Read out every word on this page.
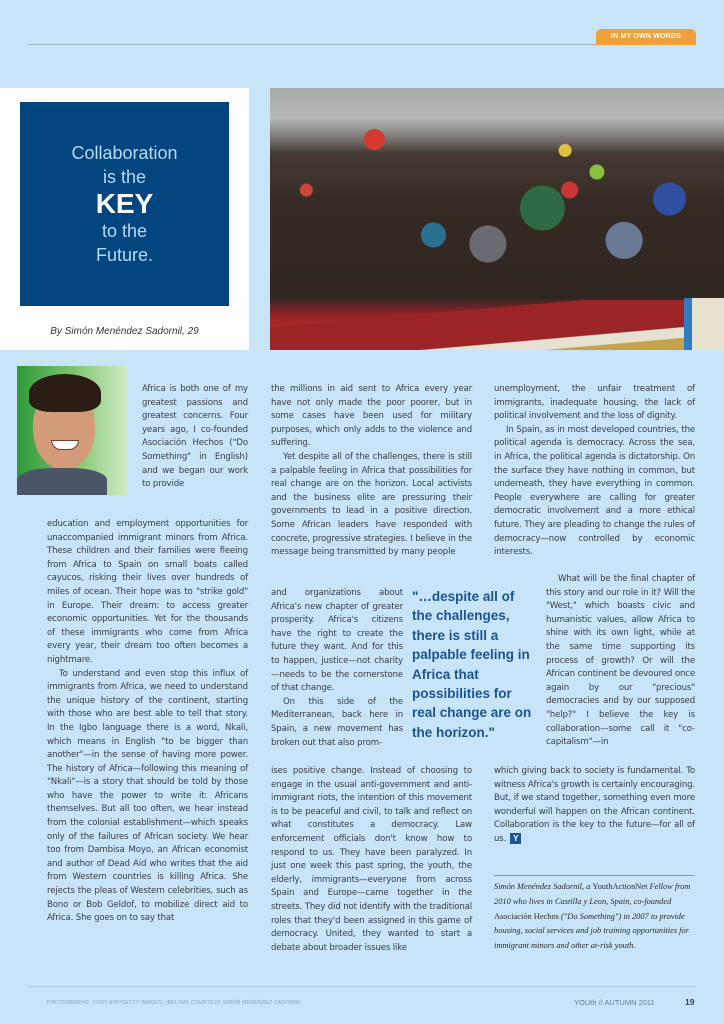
IN MY OWN WORDS
Collaboration
is the
KEY
to the
Future.
By Simón Menéndez Sadornil, 29

Africa is both one of my greatest passions and greatest concerns. Four years ago, I co-founded Asociación Hechos ("Do Something" in English) and we began our work to provide

education and employment opportunities for unaccompanied immigrant minors from Africa. These children and their families were fleeing from Africa to Spain on small boats called cayucos, risking their lives over hundreds of miles of ocean. Their hope was to "strike gold" in Europe. Their dream: to access greater economic opportunities. Yet for the thousands of these immigrants who come from Africa every year, their dream too often becomes a nightmare.

To understand and even stop this influx of immigrants from Africa, we need to understand the unique history of the continent, starting with those who are best able to tell that story. In the Igbo language there is a word, Nkali, which means in English "to be bigger than another"—in the sense of having more power. The history of Africa—following this meaning of "Nkali"—is a story that should be told by those who have the power to write it: Africans themselves. But all too often, we hear instead from the colonial establishment—which speaks only of the failures of African society. We hear too from Dambisa Moyo, an African economist and author of Dead Aid who writes that the aid from Western countries is killing Africa. She rejects the pleas of Western celebrities, such as Bono or Bob Geldof, to mobilize direct aid to Africa. She goes on to say that

the millions in aid sent to Africa every year have not only made the poor poorer, but in some cases have been used for military purposes, which only adds to the violence and suffering.

Yet despite all of the challenges, there is still a palpable feeling in Africa that possibilities for real change are on the horizon. Local activists and the business elite are pressuring their governments to lead in a positive direction. Some African leaders have responded with concrete, progressive strategies. I believe in the message being transmitted by many people

and organizations about Africa's new chapter of greater prosperity. Africa's citizens have the right to create the future they want. And for this to happen, justice—not charity—needs to be the cornerstone of that change.

On this side of the Mediterranean, back here in Spain, a new movement has broken out that also prom-

ises positive change. Instead of choosing to engage in the usual anti-government and anti-immigrant riots, the intention of this movement is to be peaceful and civil, to talk and reflect on what constitutes a democracy. Law enforcement officials don't know how to respond to us. They have been paralyzed. In just one week this past spring, the youth, the elderly, immigrants—everyone from across Spain and Europe—came together in the streets. They did not identify with the traditional roles that they'd been assigned in this game of democracy. United, they wanted to start a debate about broader issues like

"…despite all of the challenges, there is still a palpable feeling in Africa that possibilities for real change are on the horizon."

unemployment, the unfair treatment of immigrants, inadequate housing, the lack of political involvement and the loss of dignity.

In Spain, as in most developed countries, the political agenda is democracy. Across the sea, in Africa, the political agenda is dictatorship. On the surface they have nothing in common, but underneath, they have everything in common. People everywhere are calling for greater democratic involvement and a more ethical future. They are pleading to change the rules of democracy—now controlled by economic interests.

What will be the final chapter of this story and our role in it? Will the "West," which boasts civic and humanistic values, allow Africa to shine with its own light, while at the same time supporting its process of growth? Or will the African continent be devoured once again by our "precious" democracies and by our supposed "help?" I believe the key is collaboration—some call it "co-capitalism"—in

which giving back to society is fundamental. To witness Africa's growth is certainly encouraging. But, if we stand together, something even more wonderful will happen on the African continent. Collaboration is the key to the future—for all of us. Y

Simón Menéndez Sadornil, a YouthActionNet Fellow from 2010 who lives in Castilla y Leon, Spain, co-founded Asociación Hechos ("Do Something") in 2007 to provide housing, social services and job training opportunities for immigrant minors and other at-risk youth.
PHOTOGRAPHS: (TOP) AFP/GETTY IMAGES; (BELOW) COURTESY SIMÓN MENÉNDEZ SADORNIL	YOUth // AUTUMN 2011	19
